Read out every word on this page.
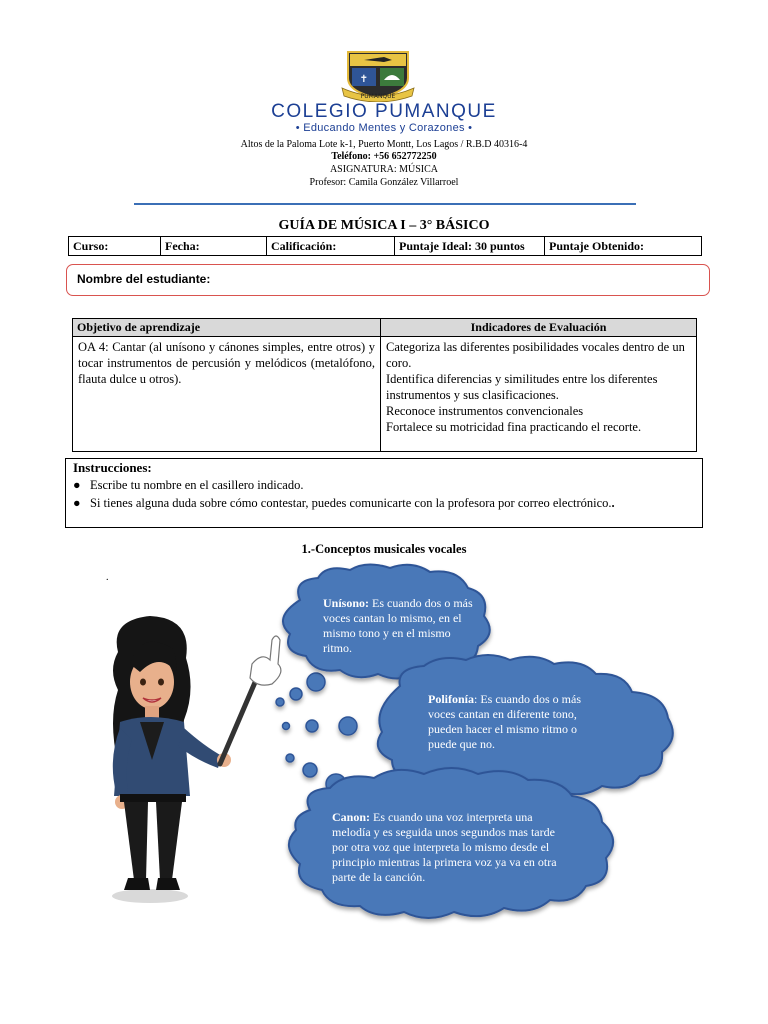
✝
PUMANQUE
COLEGIO PUMANQUE
• Educando Mentes y Corazones •
Altos de la Paloma Lote k-1, Puerto Montt, Los Lagos / R.B.D 40316-4
Teléfono: +56 652772250
ASIGNATURA: MÚSICA
Profesor: Camila González Villarroel
GUÍA DE MÚSICA I – 3° BÁSICO
Curso:	Fecha:	Calificación:	Puntaje Ideal: 30 puntos	Puntaje Obtenido:
Nombre del estudiante:
Objetivo de aprendizaje	Indicadores de Evaluación
OA 4: Cantar (al unísono y cánones simples, entre otros) y tocar instrumentos de percusión y melódicos (metalófono, flauta dulce u otros).	Categoriza las diferentes posibilidades vocales dentro de un coro.
Identifica diferencias y similitudes entre los diferentes instrumentos y sus clasificaciones.
Reconoce instrumentos convencionales
Fortalece su motricidad fina practicando el recorte.
Instrucciones:
● Escribe tu nombre en el casillero indicado.
● Si tienes alguna duda sobre cómo contestar, puedes comunicarte con la profesora por correo electrónico..
1.-Conceptos musicales vocales
.
Unísono: Es cuando dos o más voces cantan lo mismo, en el mismo tono y en el mismo ritmo.
Polifonía: Es cuando dos o más voces cantan en diferente tono, pueden hacer el mismo ritmo o puede que no.
Canon: Es cuando una voz interpreta una melodía y es seguida unos segundos mas tarde por otra voz que interpreta lo mismo desde el principio mientras la primera voz ya va en otra parte de la canción.
